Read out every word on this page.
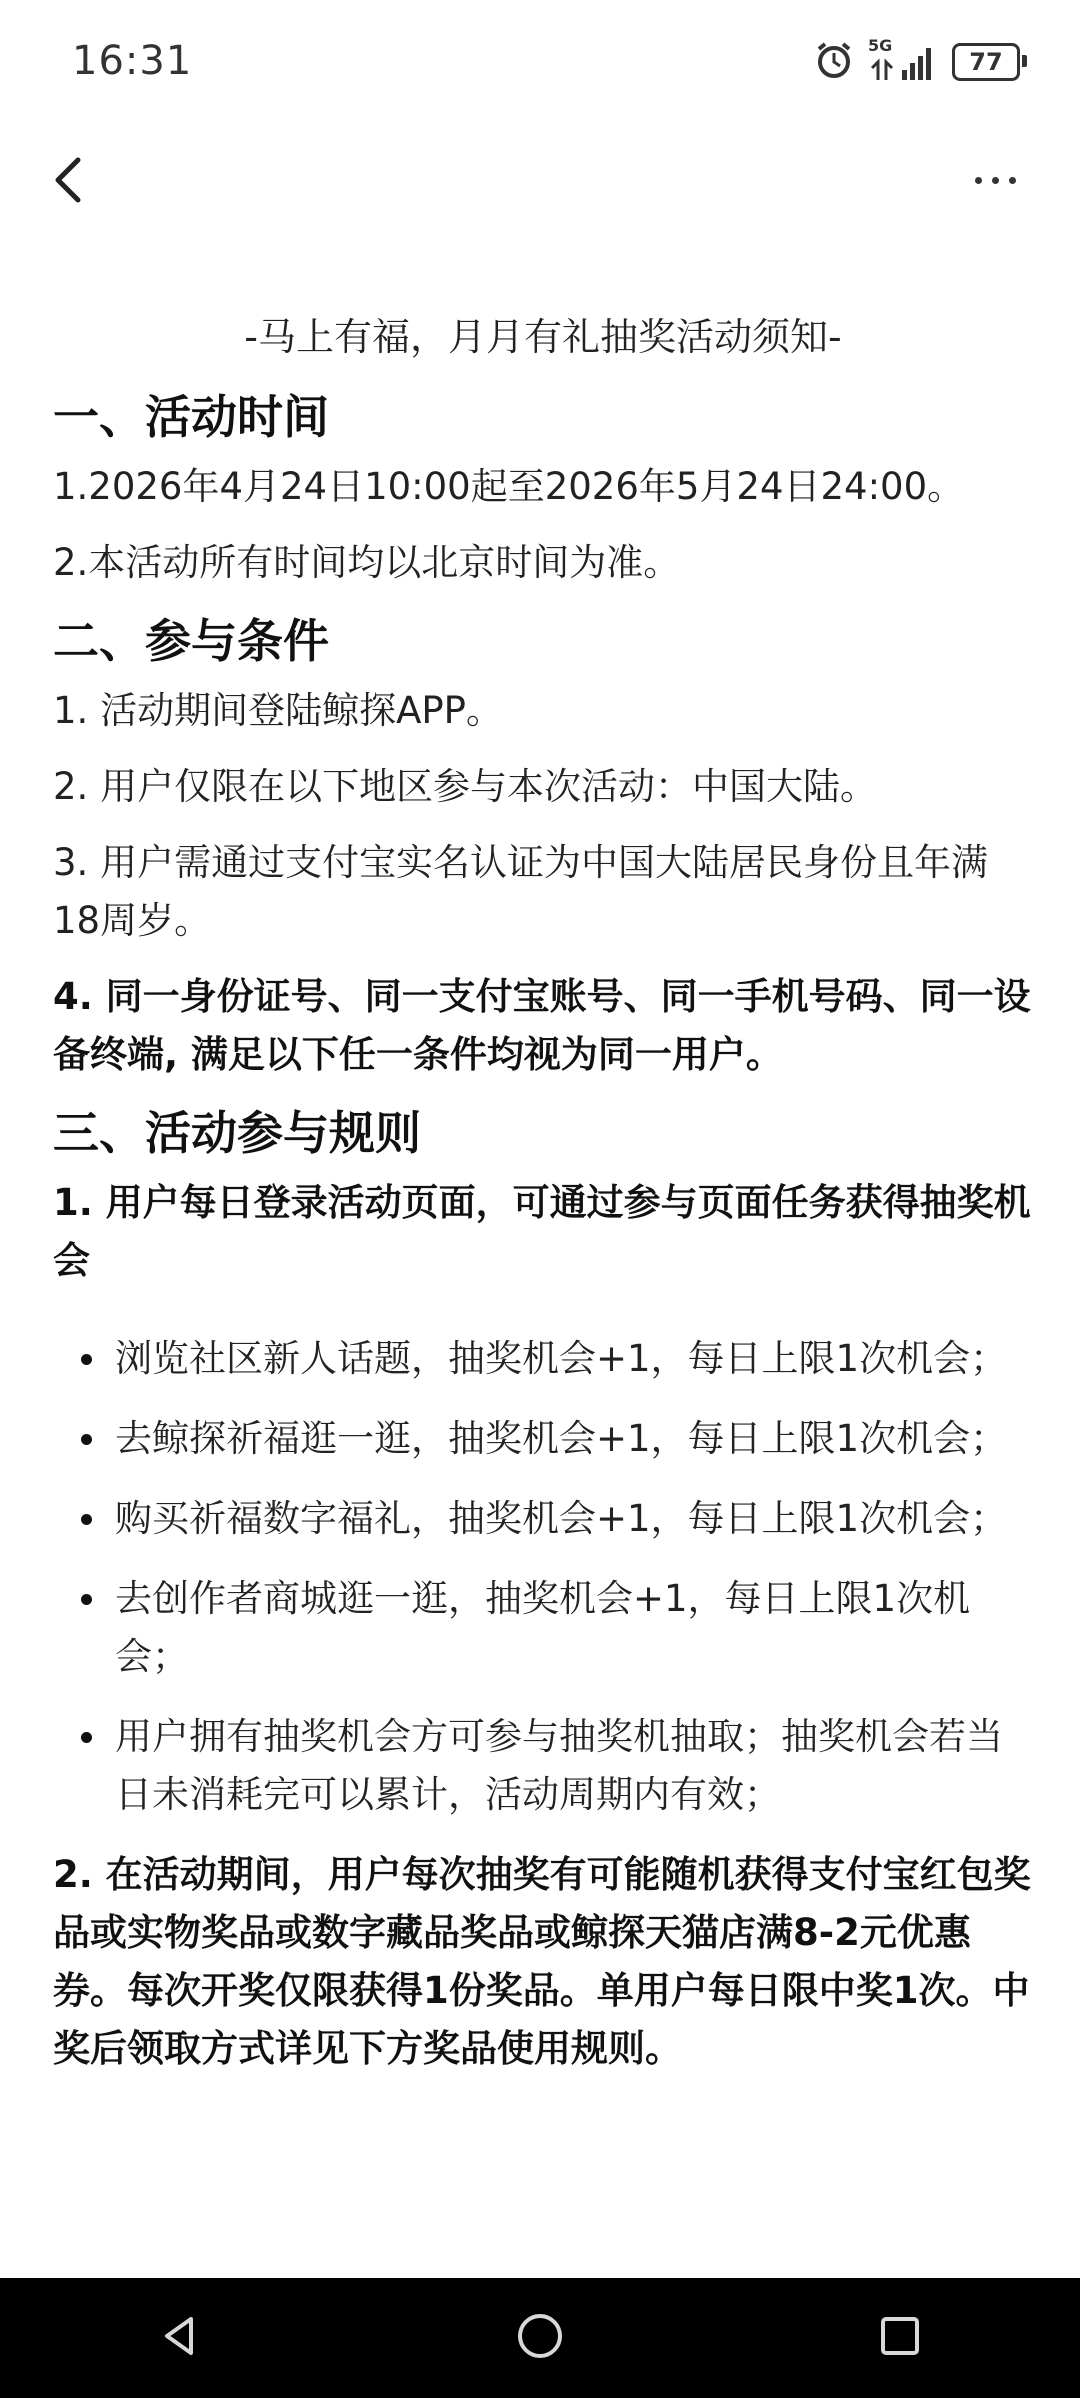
16:31	5G
77
-马上有福，月月有礼抽奖活动须知-
一、活动时间
1.2026年4月24日10:00起至2026年5月24日24:00。
2.本活动所有时间均以北京时间为准。
二、参与条件
1. 活动期间登陆鲸探APP。
2. 用户仅限在以下地区参与本次活动：中国大陆。
3. 用户需通过支付宝实名认证为中国大陆居民身份且年满18周岁。
4. 同一身份证号、同一支付宝账号、同一手机号码、同一设备终端, 满足以下任一条件均视为同一用户。
三、活动参与规则
1. 用户每日登录活动页面，可通过参与页面任务获得抽奖机会
浏览社区新人话题，抽奖机会+1，每日上限1次机会；
去鲸探祈福逛一逛，抽奖机会+1，每日上限1次机会；
购买祈福数字福礼，抽奖机会+1，每日上限1次机会；
去创作者商城逛一逛，抽奖机会+1，每日上限1次机会；
用户拥有抽奖机会方可参与抽奖机抽取；抽奖机会若当日未消耗完可以累计，活动周期内有效；
2. 在活动期间，用户每次抽奖有可能随机获得支付宝红包奖品或实物奖品或数字藏品奖品或鲸探天猫店满8-2元优惠券。每次开奖仅限获得1份奖品。单用户每日限中奖1次。中奖后领取方式详见下方奖品使用规则。
